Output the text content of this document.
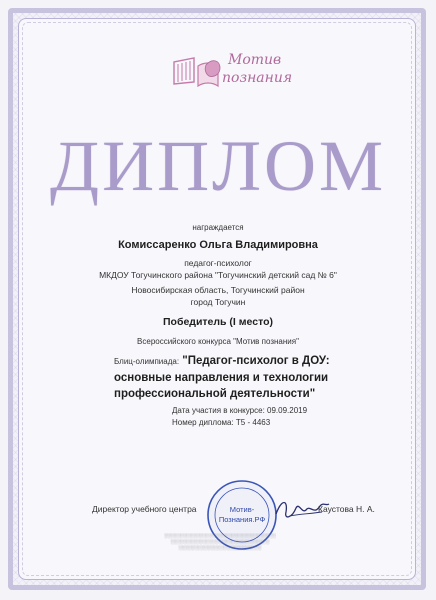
Мотив
познания
ДИПЛОМ
награждается
Комиссаренко Ольга Владимировна
педагог-психолог
МКДОУ Тогучинского района "Тогучинский детский сад № 6"
Новосибирская область, Тогучинский район
город Тогучин
Победитель (I место)
Всероссийского конкурса "Мотив познания"
Блиц-олимпиада: "Педагог-психолог в ДОУ: основные направления и технологии профессиональной деятельности"
Дата участия в конкурсе: 09.09.2019
Номер диплома: T5 - 4463
Директор учебного центра	Мотив-
Познания.РФ
Каустова Н. А.
░░░░░░░░░░░░░░░░░░░░░░░░░░░░░░░░░░░
░░░░░░░░░░░░░░░░░░░░░░░░░░░░░░░
░░░░░░░░░░░░░░░░░░░░░░░░░░
